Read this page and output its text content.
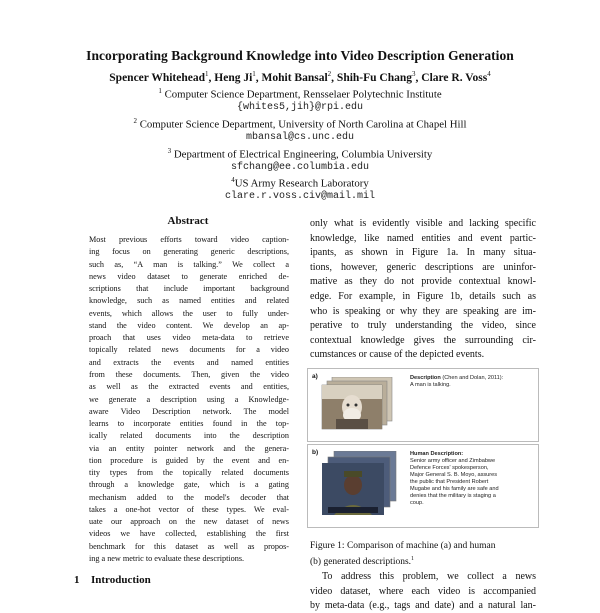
Incorporating Background Knowledge into Video Description Generation
Spencer Whitehead$^1$, Heng Ji$^1$, Mohit Bansal$^2$, Shih-Fu Chang$^3$, Clare R. Voss$^4$
$^1$ Computer Science Department, Rensselaer Polytechnic Institute
{whites5,jih}@rpi.edu
$^2$ Computer Science Department, University of North Carolina at Chapel Hill
mbansal@cs.unc.edu
$^3$ Department of Electrical Engineering, Columbia University
sfchang@ee.columbia.edu
$^4$US Army Research Laboratory
clare.r.voss.civ@mail.mil
Abstract
Most previous efforts toward video caption-
ing focus on generating generic descriptions,
such as, “A man is talking.” We collect a
news video dataset to generate enriched de-
scriptions that include important background
knowledge, such as named entities and related
events, which allows the user to fully under-
stand the video content. We develop an ap-
proach that uses video meta-data to retrieve
topically related news documents for a video
and extracts the events and named entities
from these documents. Then, given the video
as well as the extracted events and entities,
we generate a description using a Knowledge-
aware Video Description network. The model
learns to incorporate entities found in the top-
ically related documents into the description
via an entity pointer network and the genera-
tion procedure is guided by the event and en-
tity types from the topically related documents
through a knowledge gate, which is a gating
mechanism added to the model's decoder that
takes a one-hot vector of these types. We eval-
uate our approach on the new dataset of news
videos we have collected, establishing the first
benchmark for this dataset as well as propos-
ing a new metric to evaluate these descriptions.
1 Introduction
only what is evidently visible and lacking specific
knowledge, like named entities and event partic-
ipants, as shown in Figure 1a. In many situa-
tions, however, generic descriptions are uninfor-
mative as they do not provide contextual knowl-
edge. For example, in Figure 1b, details such as
who is speaking or why they are speaking are im-
perative to truly understanding the video, since
contextual knowledge gives the surrounding cir-
cumstances or cause of the depicted events.
a)	Description (Chen and Dolan, 2011):
A man is talking.
b)	Human Description:
Senior army officer and Zimbabwe
Defence Forces' spokesperson,
Major General S. B. Moyo, assures
the public that President Robert
Mugabe and his family are safe and
denies that the military is staging a
coup.
Figure 1: Comparison of machine (a) and human
(b) generated descriptions.$^1$
To address this problem, we collect a news
video dataset, where each video is accompanied
by meta-data (e.g., tags and date) and a natural lan-
